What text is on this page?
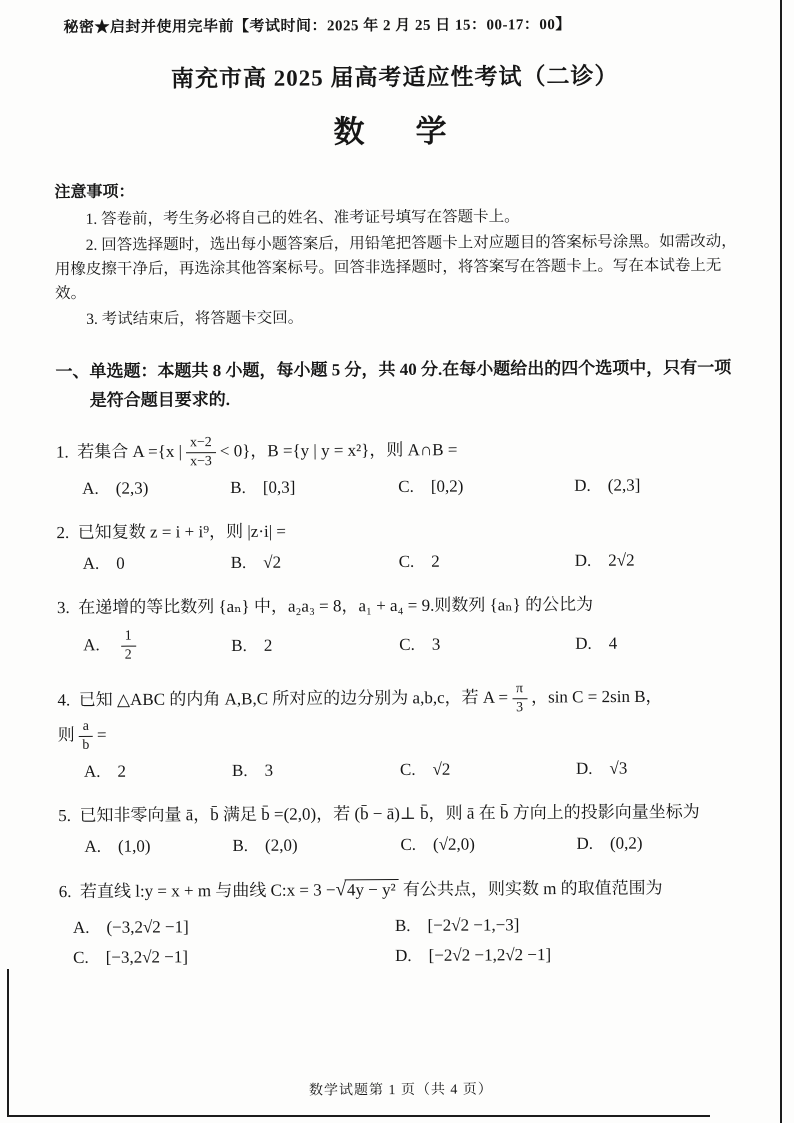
秘密★启封并使用完毕前【考试时间：2025 年 2 月 25 日 15：00-17：00】
南充市高 2025 届高考适应性考试（二诊）
数　学
注意事项：

1. 答卷前，考生务必将自己的姓名、准考证号填写在答题卡上。

2. 回答选择题时，选出每小题答案后，用铅笔把答题卡上对应题目的答案标号涂黑。如需改动，用橡皮擦干净后，再选涂其他答案标号。回答非选择题时，将答案写在答题卡上。写在本试卷上无效。

3. 考试结束后，将答题卡交回。

一、单选题：本题共 8 小题，每小题 5 分，共 40 分.在每小题给出的四个选项中，只有一项是符合题目要求的.
1. 若集合 A ={x | $\frac{x-2}{x-3} < 0$}，B ={y | y = x²}，则 A∩B =
A. (2,3)	B. [0,3]	C. [0,2)	D. (2,3]
2. 已知复数 z = i + i⁹，则 |z·i| =
A. 0	B. √2	C. 2	D. 2√2
3. 在递增的等比数列 {aₙ} 中，a₂a₃ = 8，a₁ + a₄ = 9.则数列 {aₙ} 的公比为
A.  $\frac{1}{2}$	B. 2	C. 3	D. 4
4. 已知 △ABC 的内角 A,B,C 所对应的边分别为 a,b,c，若 $A = \frac{\pi}{3}$ ，sin C = 2sin B，
则 $\frac{a}{b}$ =
A. 2	B. 3	C. √2	D. √3
5. 已知非零向量 ā，b̄ 满足 b̄ =(2,0)，若 (b̄ − ā)⊥ b̄，则 ā 在 b̄ 方向上的投影向量坐标为
A. (1,0)	B. (2,0)	C. (√2,0)	D. (0,2)
6. 若直线 l:y = x + m 与曲线 C:x = 3 −√4y − y² 有公共点，则实数 m 的取值范围为
A. (−3,2√2 −1]	B. [−2√2 −1,−3]
C. [−3,2√2 −1]	D. [−2√2 −1,2√2 −1]
数学试题第 1 页（共 4 页）
